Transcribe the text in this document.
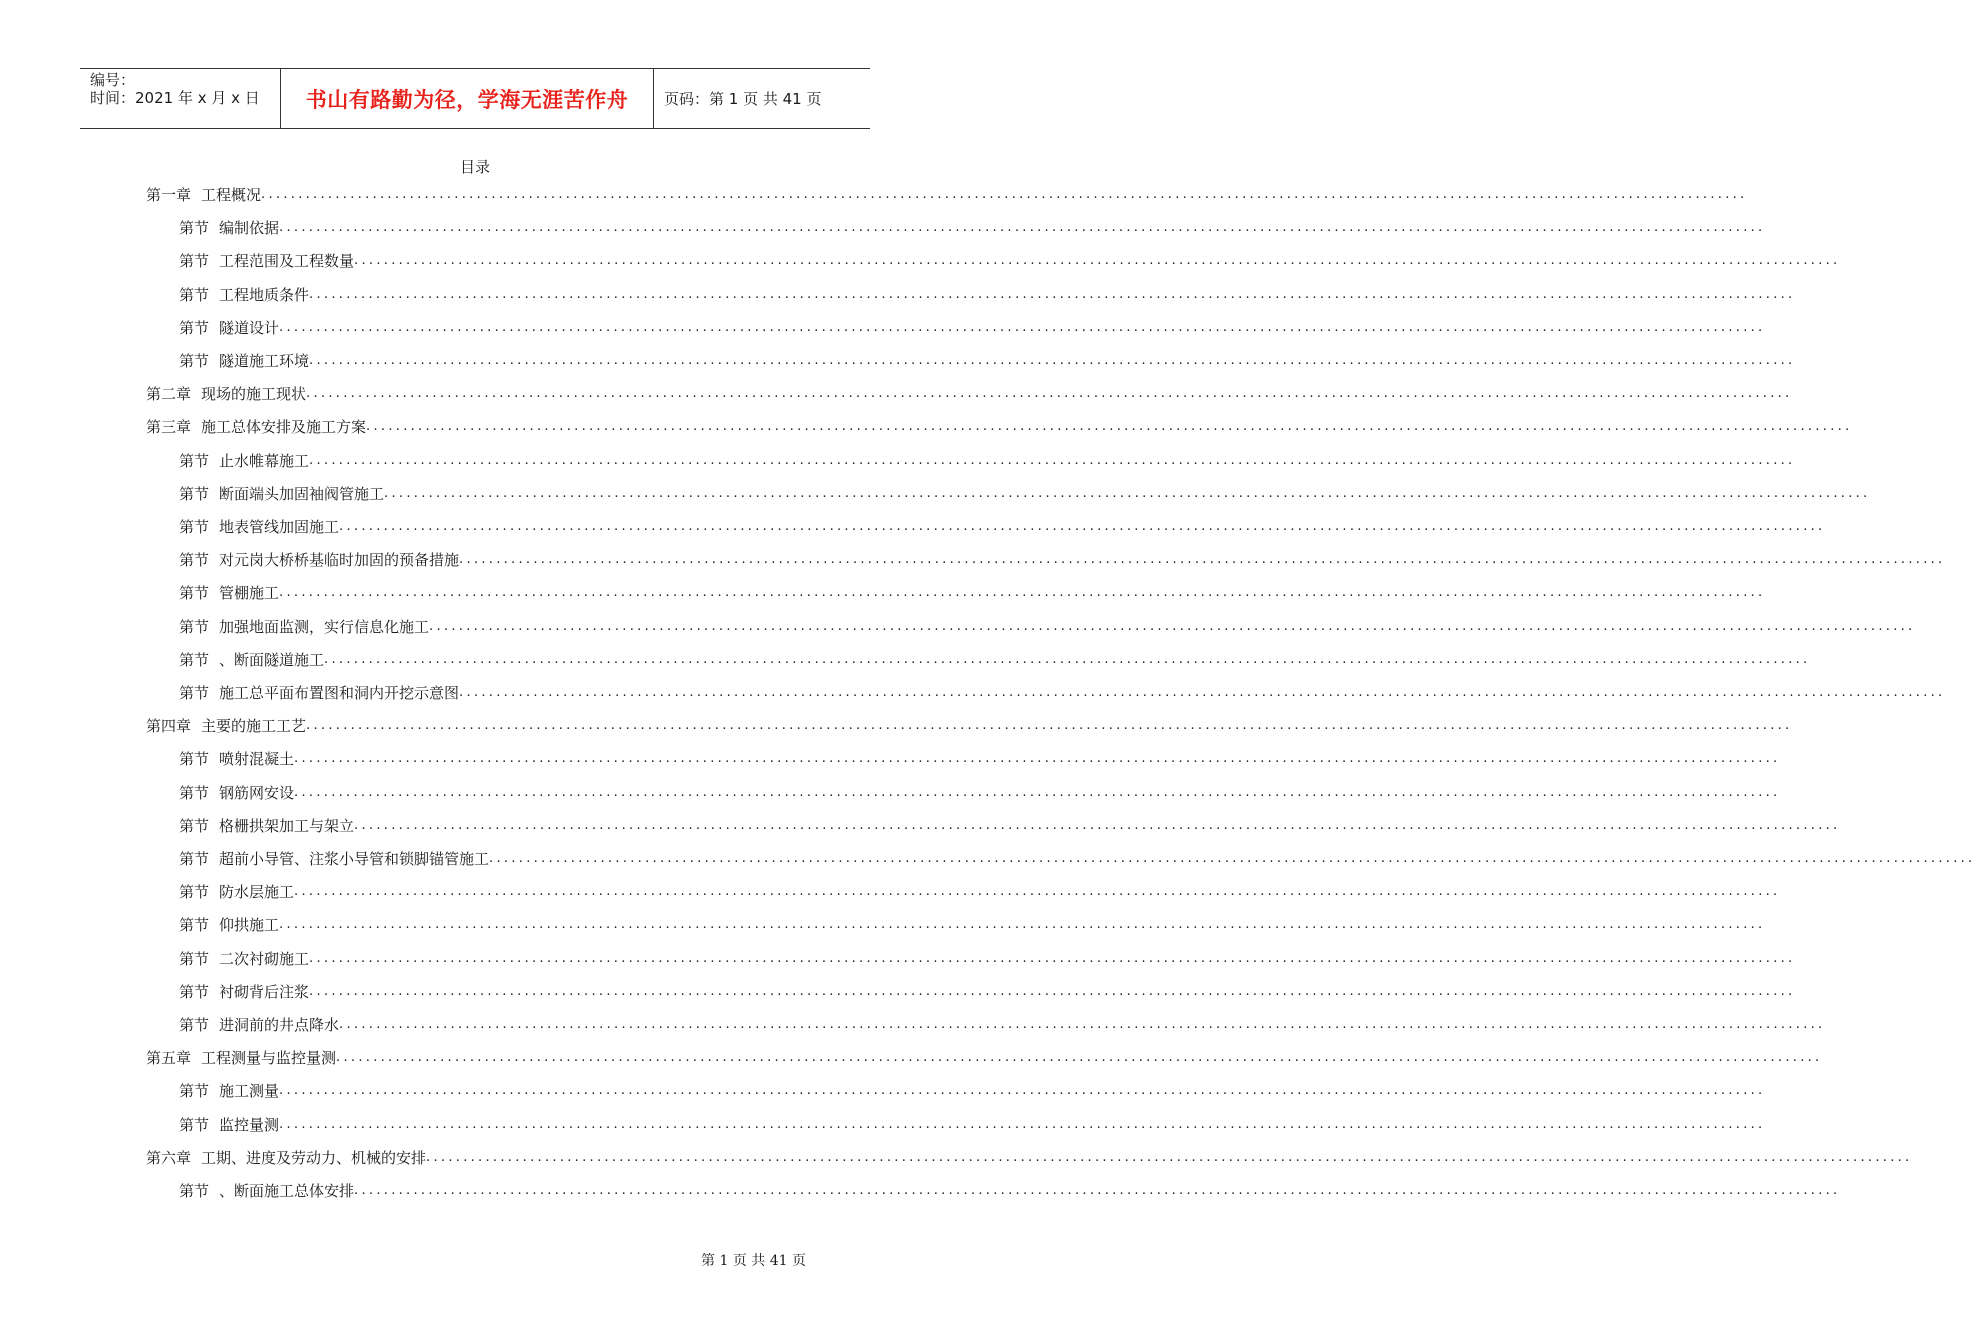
编号：
时间：2021 年 x 月 x 日	书山有路勤为径，学海无涯苦作舟	页码：第 1 页 共 41 页
目录
第一章 工程概况 ........................................................................................................................................................................................................
第节 编制依据 ........................................................................................................................................................................................................
第节 工程范围及工程数量 ........................................................................................................................................................................................................
第节 工程地质条件 ........................................................................................................................................................................................................
第节 隧道设计 ........................................................................................................................................................................................................
第节 隧道施工环境 ........................................................................................................................................................................................................
第二章 现场的施工现状 ........................................................................................................................................................................................................
第三章 施工总体安排及施工方案 ........................................................................................................................................................................................................
第节 止水帷幕施工 ........................................................................................................................................................................................................
第节 断面端头加固袖阀管施工 ........................................................................................................................................................................................................
第节 地表管线加固施工 ........................................................................................................................................................................................................
第节 对元岗大桥桥基临时加固的预备措施 ........................................................................................................................................................................................................
第节 管棚施工 ........................................................................................................................................................................................................
第节 加强地面监测，实行信息化施工 ........................................................................................................................................................................................................
第节 、断面隧道施工 ........................................................................................................................................................................................................
第节 施工总平面布置图和洞内开挖示意图 ........................................................................................................................................................................................................
第四章 主要的施工工艺 ........................................................................................................................................................................................................
第节 喷射混凝土 ........................................................................................................................................................................................................
第节 钢筋网安设 ........................................................................................................................................................................................................
第节 格栅拱架加工与架立 ........................................................................................................................................................................................................
第节 超前小导管、注浆小导管和锁脚锚管施工 ........................................................................................................................................................................................................
第节 防水层施工 ........................................................................................................................................................................................................
第节 仰拱施工 ........................................................................................................................................................................................................
第节 二次衬砌施工 ........................................................................................................................................................................................................
第节 衬砌背后注浆 ........................................................................................................................................................................................................
第节 进洞前的井点降水 ........................................................................................................................................................................................................
第五章 工程测量与监控量测 ........................................................................................................................................................................................................
第节 施工测量 ........................................................................................................................................................................................................
第节 监控量测 ........................................................................................................................................................................................................
第六章 工期、进度及劳动力、机械的安排 ........................................................................................................................................................................................................
第节 、断面施工总体安排 ........................................................................................................................................................................................................
第 1 页 共 41 页
